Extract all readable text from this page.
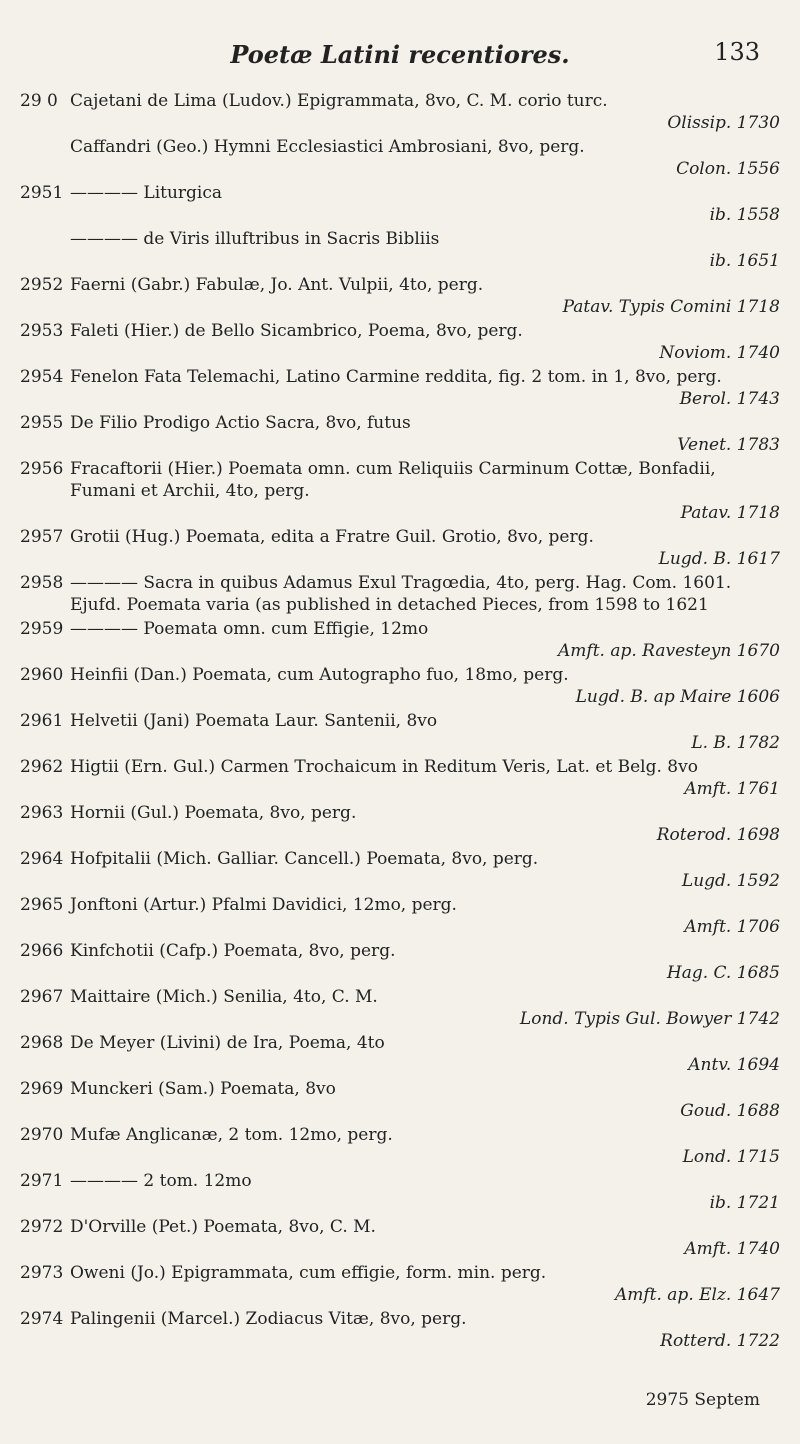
Poetæ Latini recentiores.	133
29 0 Cajetani de Lima (Ludov.) Epigrammata, 8vo, C. M. corio turc.
Olissip. 1730
Caffandri (Geo.) Hymni Ecclesiastici Ambrosiani, 8vo, perg.
Colon. 1556
2951 ———— Liturgica
ib. 1558
———— de Viris illuftribus in Sacris Bibliis
ib. 1651
2952 Faerni (Gabr.) Fabulæ, Jo. Ant. Vulpii, 4to, perg.
Patav. Typis Comini 1718
2953 Faleti (Hier.) de Bello Sicambrico, Poema, 8vo, perg.
Noviom. 1740
2954 Fenelon Fata Telemachi, Latino Carmine reddita, fig. 2 tom. in 1, 8vo, perg.
Berol. 1743
2955 De Filio Prodigo Actio Sacra, 8vo, futus
Venet. 1783
2956 Fracaftorii (Hier.) Poemata omn. cum Reliquiis Carminum Cottæ, Bonfadii, Fumani et Archii, 4to, perg.
Patav. 1718
2957 Grotii (Hug.) Poemata, edita a Fratre Guil. Grotio, 8vo, perg.
Lugd. B. 1617
2958 ———— Sacra in quibus Adamus Exul Tragœdia, 4to, perg. Hag. Com. 1601. Ejufd. Poemata varia (as published in detached Pieces, from 1598 to 1621
2959 ———— Poemata omn. cum Effigie, 12mo
Amft. ap. Ravesteyn 1670
2960 Heinfii (Dan.) Poemata, cum Autographo fuo, 18mo, perg.
Lugd. B. ap Maire 1606
2961 Helvetii (Jani) Poemata Laur. Santenii, 8vo
L. B. 1782
2962 Higtii (Ern. Gul.) Carmen Trochaicum in Reditum Veris, Lat. et Belg. 8vo
Amft. 1761
2963 Hornii (Gul.) Poemata, 8vo, perg.
Roterod. 1698
2964 Hofpitalii (Mich. Galliar. Cancell.) Poemata, 8vo, perg.
Lugd. 1592
2965 Jonftoni (Artur.) Pfalmi Davidici, 12mo, perg.
Amft. 1706
2966 Kinfchotii (Cafp.) Poemata, 8vo, perg.
Hag. C. 1685
2967 Maittaire (Mich.) Senilia, 4to, C. M.
Lond. Typis Gul. Bowyer 1742
2968 De Meyer (Livini) de Ira, Poema, 4to
Antv. 1694
2969 Munckeri (Sam.) Poemata, 8vo
Goud. 1688
2970 Mufæ Anglicanæ, 2 tom. 12mo, perg.
Lond. 1715
2971 ———— 2 tom. 12mo
ib. 1721
2972 D'Orville (Pet.) Poemata, 8vo, C. M.
Amft. 1740
2973 Oweni (Jo.) Epigrammata, cum effigie, form. min. perg.
Amft. ap. Elz. 1647
2974 Palingenii (Marcel.) Zodiacus Vitæ, 8vo, perg.
Rotterd. 1722
2975 Septem
